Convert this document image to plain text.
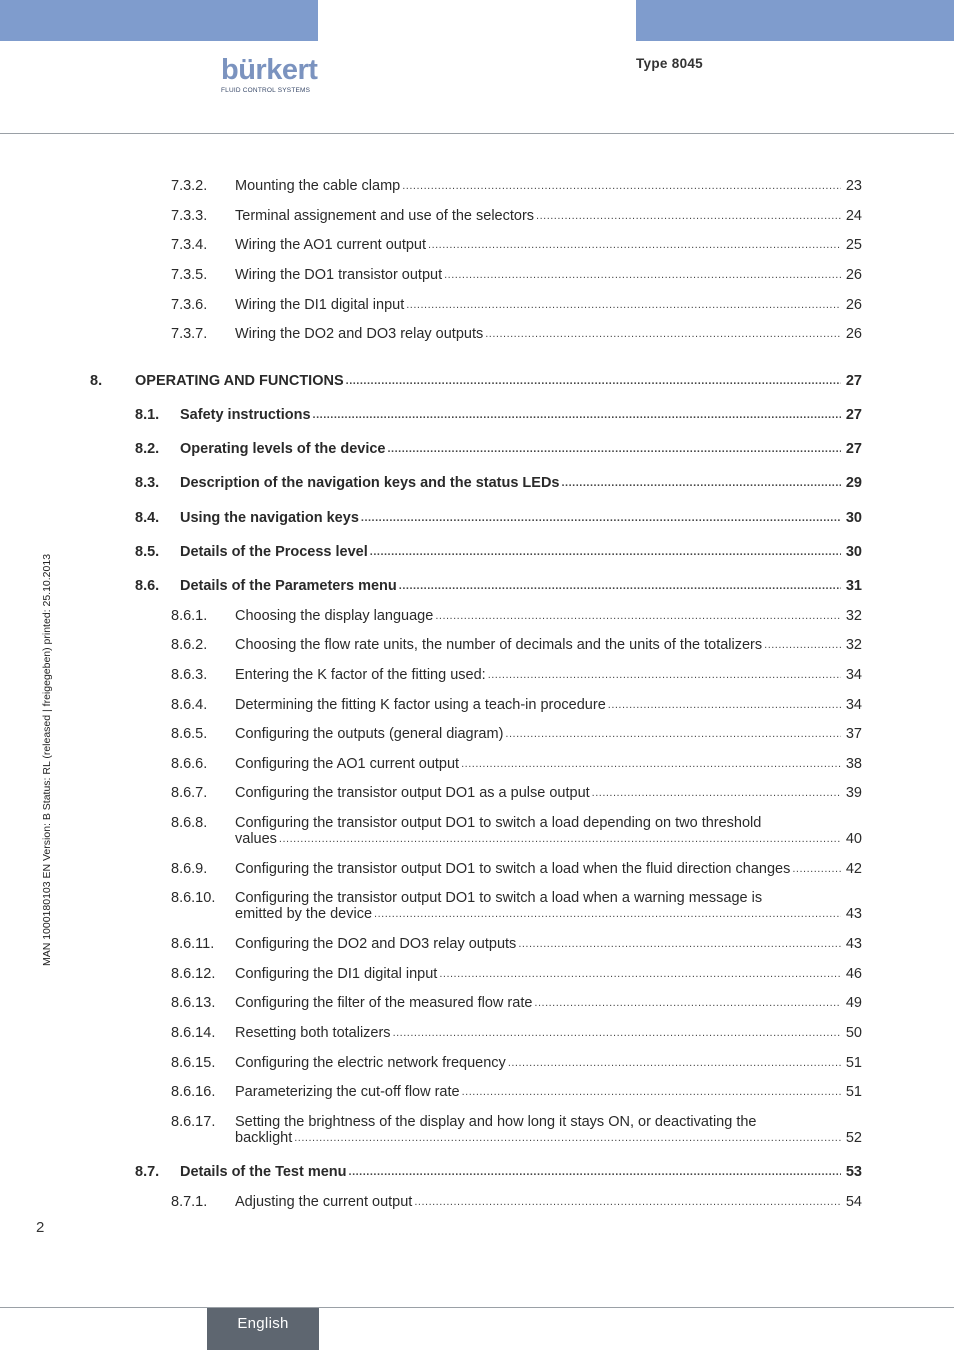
bürkert
FLUID CONTROL SYSTEMS
Type 8045
MAN 1000180103 EN Version: B Status: RL (released | freigegeben) printed: 25.10.2013
7.3.2.	Mounting the cable clamp .....	23
7.3.3.	Terminal assignement and use of the selectors .....	24
7.3.4.	Wiring the AO1 current output .....	25
7.3.5.	Wiring the DO1 transistor output .....	26
7.3.6.	Wiring the DI1 digital input .....	26
7.3.7.	Wiring the DO2 and DO3 relay outputs .....	26
8.	OPERATING AND FUNCTIONS .....	27
8.1.	Safety instructions .....	27
8.2.	Operating levels of the device .....	27
8.3.	Description of the navigation keys and the status LEDs .....	29
8.4.	Using the navigation keys .....	30
8.5.	Details of the Process level .....	30
8.6.	Details of the Parameters menu .....	31
8.6.1.	Choosing the display language .....	32
8.6.2.	Choosing the flow rate units, the number of decimals and the units of the totalizers .....	32
8.6.3.	Entering the K factor of the fitting used: .....	34
8.6.4.	Determining the fitting K factor using a teach-in procedure .....	34
8.6.5.	Configuring the outputs (general diagram) .....	37
8.6.6.	Configuring the AO1 current output .....	38
8.6.7.	Configuring the transistor output DO1 as a pulse output .....	39
8.6.8.	Configuring the transistor output DO1 to switch a load depending on two threshold
values .....	40
8.6.9.	Configuring the transistor output DO1 to switch a load when the fluid direction changes .....	42
8.6.10.	Configuring the transistor output DO1 to switch a load when a warning message is
emitted by the device .....	43
8.6.11.	Configuring the DO2 and DO3 relay outputs .....	43
8.6.12.	Configuring the DI1 digital input .....	46
8.6.13.	Configuring the filter of the measured flow rate .....	49
8.6.14.	Resetting both totalizers .....	50
8.6.15.	Configuring the electric network frequency .....	51
8.6.16.	Parameterizing the cut-off flow rate .....	51
8.6.17.	Setting the brightness of the display and how long it stays ON, or deactivating the
backlight .....	52
8.7.	Details of the Test menu .....	53
8.7.1.	Adjusting the current output .....	54
2
English
